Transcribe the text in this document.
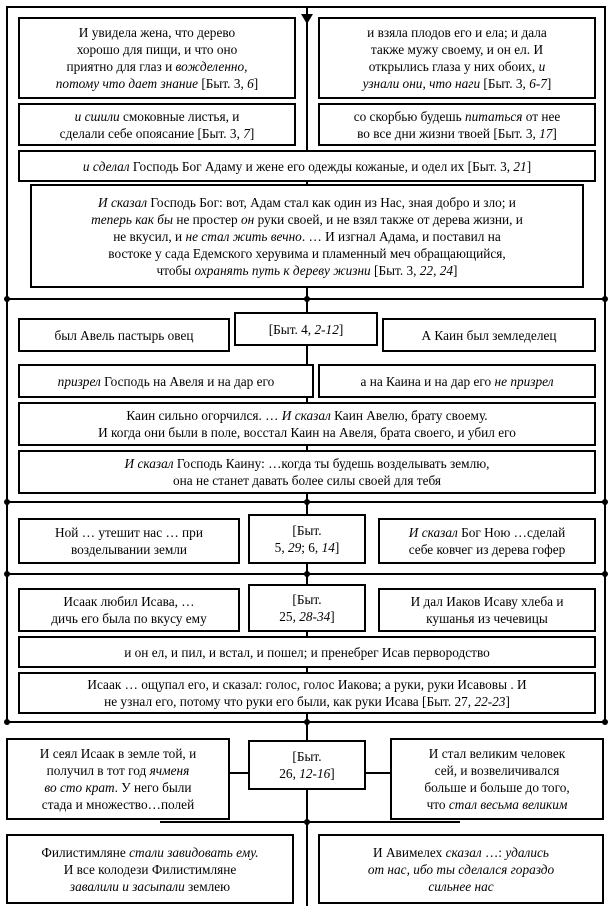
И увидела жена, что дерево
хорошо для пищи, и что оно
приятно для глаз и вожделенно,
потому что дает знание [Быт. 3, 6]
и взяла плодов его и ела; и дала
также мужу своему, и он ел. И
открылись глаза у них обоих, и
узнали они, что наги [Быт. 3, 6-7]
и сшили смоковные листья, и
сделали себе опоясание [Быт. 3, 7]
со скорбью будешь питаться от нее
во все дни жизни твоей [Быт. 3, 17]
и сделал Господь Бог Адаму и жене его одежды кожаные, и одел их [Быт. 3, 21]
И сказал Господь Бог: вот, Адам стал как один из Нас, зная добро и зло; и
теперь как бы не простер он руки своей, и не взял также от дерева жизни, и
не вкусил, и не стал жить вечно. … И изгнал Адама, и поставил на
востоке у сада Едемского херувима и пламенный меч обращающийся,
чтобы охранять путь к дереву жизни [Быт. 3, 22, 24]
был Авель пастырь овец	[Быт. 4, 2-12]	А Каин был земледелец
призрел Господь на Авеля и на дар его	а на Каина и на дар его не призрел
Каин сильно огорчился. … И сказал Каин Авелю, брату своему.
И когда они были в поле, восстал Каин на Авеля, брата своего, и убил его
И сказал Господь Каину: …когда ты будешь возделывать землю,
она не станет давать более силы своей для тебя
Ной … утешит нас … при
возделывании земли
[Быт.
5, 29; 6, 14]
И сказал Бог Ною …сделай
себе ковчег из дерева гофер
Исаак любил Исава, …
дичь его была по вкусу ему
[Быт.
25, 28-34]
И дал Иаков Исаву хлеба и
кушанья из чечевицы
и он ел, и пил, и встал, и пошел; и пренебрег Исав первородство
Исаак … ощупал его, и сказал: голос, голос Иакова; а руки, руки Исавовы . И
не узнал его, потому что руки его были, как руки Исава [Быт. 27, 22-23]
И сеял Исаак в земле той, и
получил в тот год ячменя
во сто крат. У него были
стада и множество…полей
[Быт.
26, 12-16]
И стал великим человек
сей, и возвеличивался
больше и больше до того,
что стал весьма великим
Филистимляне стали завидовать ему.
И все колодези Филистимляне
завалили и засыпали землею
И Авимелех сказал …: удались
от нас, ибо ты сделался гораздо
сильнее нас
